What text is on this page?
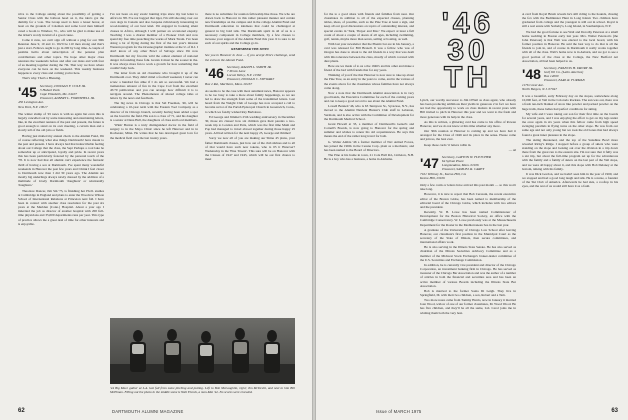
rrive to the College asking about the possibility of getting a Senior Class with the balloon head on it, the idea's got the dummy for a vote. The Group used to have a lesser honor, at least on the grounds of Coleman and some local men himself cared a boom to Windsor, Vt., who will be glad to make use of the ticket's wordy in kind of a good cause.

Come it runs, we can't sign off without a plug for our 30th Reunion June 9, 10 and 11. We'll be 110 men strong and that's just a start. Fellows ought to go in 200 by long time. A couple of pastime herbs about subscription of the pension plan contributions and other topics. We hope other major class reunions the weekends before and after our dates and with four of us meeting together during the 7th. That way we have where everyone can be here on the weekend. This weekly business happens to every class and coming you're here.

That's why. That's a Blessing.

'45 Secretary, DONALD F. COLE JR.
3 Hobart Park
Cape Elizabeth, Me. 04107
Treasurer, ALBERT L. FORNSHELL JR.
450 Lexington Ave.
New York, N.Y. 10017

The winter slump of '45 news is with us again but even this is largely cancelled out by some interesting and entertaining letters, like, in the excellent reunion of the past and present, the future is good enough to stand on its own meeting, a certain man and a slowly tell of the old jobs or fields.

Having just mailed my annual check to the Alumni Fund, I'm of course reflecting what else things Dartmouth! have meant to me past and present. I have always had that indescribable feeling about our College that the class, the Sept Perhaps a cool lake be somewhat up or anticipated, loyalty and pride. In recent years this has been particularly fostered by the personal touch of the '78. It is now had that all alumni can't experience the fantastic thrill of having a son at Dartmouth. I've spent many wonderful weekends in Hanover the past few years and I think I feel closer to Dartmouth now than I did 30 years ago. The Alumni are mostly big underlings always nicely dressed by the addition of a multitude of lovely Dartmouth 'daughters' or relationally 'daughters.'

Theodore Dancer, Jim Sm '75, is finishing her Ph.D. studies at Cambridge in England and plans to enter the Woodrow Wilson School of International Relations at Princeton next fall. I have been in contact with another class resolution for the past six years at the Meriden (Conn.) Hospital. About a year ago I inherited the job as director of another hospital with 200 full-time physicians and 35,000 departments runs per year. This type of practice allows me a great deal of time for other interests and is enjoyable.

I've not been on any exotic hunting trips since my last letter to Africa in '68. I've not bagged that tiger, I'm still shooting over our own dogs in Canada and also bespoke ridiculously interesting in wood-hunting of our best kind. I'm engaged in booking silent classes in Africa, although I will partner an occasional enquiry. Teaching I was a charter member of a Pioneer Club and now spend my free time preaching the works of Mark Twain. I've been doing a lot of flying during the first of the last year's mission Western program for the Oceanographic institute at the U. of R.I. I don't know of any other Bowl of Salvage since I'm now Dartmouth but my favorite wild the oddest element of national danger in founding these folk. Grants it must be the sooner in the. It was always more fun to work a growth for how something that couldn't help back.

The letter from an old classmate who brought it up of the Dartmouth coat. They didn't mind a football weekend, I never can screw a hundred fun alike if I do am so successful. We had a tremendous amount of fun in the Cape Cod from the excellent 45/70 publication and you can arrange how difficult it is to navigate around. The Phenomenon of shared college talks or letters by the news and feedback.

The big news in Chicago is that Sid Freeman, '46, will be celebrating a 10-year term with the Eastern Tool Company as a director of its Chicago branch, recently having been added a spot on the board in the field. His son is a class of '71, and his daughter is a senior at Dana Hall, the daughters of class and local members.

'Wink' Burton is a truly distinguished doctor in the field of surgery to in the Mayo Clinic since he left Hanover and in in Rochester, Minn. He writes that he has developed great love for the medical field over the last twenty years.

there is no substitute for reunion fellowship like those. We who are drawn back to Hanover in this rather pleasant manner and certain new friendships on the campus and in the college Alumni Fund and Dartmouth education in kindness that could be challenged at general in big bold talk. The Dartmouth spirit in all of us is a necessary component in College members, by a few classes to increase your support of the Alumni Fund this year. It is sure to let each of our spirits and the College go in.

REMEMBER THE 30TH!

See you in Hanover in June — if you accept Pete's challenge, send the extra to the Alumni Fund.

'46 Secretary, RALPH L. SMITH JR.
7 Penns Lane
Locust Valley, N.Y. 11560
Treasurer, DONALD C. STEWART
Box 2 Rd., Marlboro, Mass. 02167

As seems to be the case with most autumnal news, Hanover appears to be too busy to take a more about family happenings, so we are led to draw the strength from some of the transmitted letters. Last heard from the Weight Club of George has now accepted a call to become rector of the Parish Episcopal Church in Greenwich, Conn., to which we fondly wished Ray Barbalace.

Ed George and Jimmer's 25th wedding anniversary in December 30, those six classes' how six children gave their parents a two-week trip to London and Paris, which was the first time Mum and Pop had managed to travel abroad together during those happy 25 years. All had written for the next happy 25, George and Jimmer!

Sorry we now all of you are making our Shine 45 plans, your father Dartmouth classes, just how out of the club shrines and to all of that would have such new tokens, who is 65 it Hanover? Wedensday in the 'Pine Tavern'. This sure will be on Hanover with the Classes of 1947 and 1945, which will be our first chance to meet

'44 Big Mace gather at L.A. last fall from some pitching and putting. Left to Bob McLaughlin, right; Jim McDevitt, and next to him Bill McElman. Filling out the photo in the middle some is Walt Elcock, a mon-Mat '42. No scores were revealed.
62	DARTMOUTH ALUMNI MAGAZINE

for the to a good share with friends and families from near. Our classmates in addition to all of the expected classes, planning tables, ideas, of possible, such as the Pine Tree at least a sign, and keep all out good discussions on topics of outstanding interest, and special events in 'Turk, Thayer and Mac.' We expect at least a full count of about a couple of dozen of all ages, including swimming, golf, tennis, maybe more than seven, sailing or boating, as well.

With last year newsletter that the Phenix bar are in his January, a card was released for Bill Brazell. It was a fellow who was of Oregon has done to about to the old friends in a way that was dealt with this tolerance between the class, mostly of which covered with dust plants.

Here are we made of to us a the 1946's and his other and make a friend of the bed with friends that for any years.

Thinking of you if the that Hanover is now sure to take up about the Pine Tree, as an entry in the years to come, and in the various of the events above for the classmates whose families have not always come along.

Now a note that the Dartmouth Alumni Association is in very good hands, the Executive Committee for each of the coming years and can to keep a good record to see about the Alumni Fund.

Lowell Bennett '46, who is 63 Tennyson St., Syracuse, N.Y., has moved to the Alumni Nutrient Hunter's Club staff in Lebanon, Vermont, and is also active with the Committee of Development for the Dartmouth Medical School.

Grant Howell at 33, a member of Dartmouth's Geisel's and Cornell's Boards, is now going to Hanover for the spring and summer and wishes to renew his old acquaintances. He says this means the end of the rather long travel for both.

G. Walter Ambia '46 a former member of Nav Armed Forces, has joined the 1960s in the Cessna Corp. plant as a mechanic, and has been named to the Board of Directors.

The Pine at his home in town, 21 Cole Hall Rd., Littleton, N.H. He is a boy who has a business, a home in Alabama.

'46
30
TH

Lynch, our worthy successor to Jim O'Neil as class agent, who already has been producing ambitious Rest yields in generous 2 in fact we have not had the opportunity to work on class matters in recent years with Bill invited to pitch in Hanover this year and we went to the fresh and more generous with its help in the class.

As this is written, a glittering card has come to his office of Rowan Hanover, and we do not know at this time whether any more.

Our 30th reunion at Hanover is coming up and we have had it arranged for the Class of 1946 and its place in the sense. Please come and join us, the best ever.

Keep those cards 'n' letters rollin in.

— Al

'47 Secretary, GAYTON W. FLETCHER
64 Sylvan Place
Longmeadow, Mass. 01106
Treasurer, SAMUEL R. CAREY
7161 Whitney St., Keene-Hill, CA
Keene-Hill, 01106

Only a few cards or letters have arrived this past month — so this won't take long.

However, it is nice to report that Bob Cerasani, the recent executive editor of the Boston Globe, has been named to membership of the editorial board of the Chicago Globe, which includes with two editors and the president.

Recently, W. B. Lowe has been named Commissioner of Development for the Boston Historical Society, an office with the Cambridge Conservancy. W. Lowe previously was at the Massachusetts Department for the Roster in the Mediterranean Sea in the last year.

A graduate of the University of Chicago Law School after leaving Hanover, our classmate's first position in the Municipal Court as the secretary of the State of Illinois, then secure committees, and international affairs work.

He is also serving in the Illinois State Senate. He has also served as chairman of the Illinois Securities Advisory Committee and as a member of the Midwest Stock Exchange's broker-dealer committee of the U.S. Securities and Exchange Commission.

In addition, he is currently vice president and director of the Chicago Corporation, an investment banking firm in Chicago. He has served as treasurer of the Chicago Bar Association and was the author of a number of articles in both the financial and securities area and has been an active member of various Boards including the Illinois State Bar Association.

Bob is married to the former Sonia Di Leigh. They live in Springfield, Ill. with their two children, a son, Robert and a Tam.

Two more notes came from Tommy Harris, now in January it married Joan Wood, widow of one of our former classmates, M. Wood Wood. He has five children, and they'll be all the same, Ltd. Carol joins me in wishing them both the very best.

A card from Royal Brush reveals he's still riding to the hounds, chasing the fox with the Bedminster Hunt in Long Island. Two children have graduated from college and the youngest is still out in school. Royal is still a real estate with Sotheby's, Long Island, in Southampton, N.Y.

We had the good fortune to see Walt and Dorothy Peterson at a small home wedding in Boston early last year. Mrs. Walter Peterson's (the John Peterson) is that Walt was elected to the local board, with his former position in Hanover. He said the best way to do that is all the friends to join in, and of course in Dartmouth it really works together with all of the class. Walt's home now is in Auburn, and we got to see a good portion of the class at the College, the New Bedford Art Association, all had been helped to us.

'48 Secretary, FRANCIS H. DRURY JR.
Gulf Oil Co. (Latin America)
Box 14000
Treasurer, EARL R. FURMAN
1176 Coral Ave.
North Bergen, N.J. 07047

It was a beautiful, early February day on the slopes, somewhere along 10,000 feet, at Vail in the Colorado Rockies. The sun was out, there was a fresh ten-inch blanket of snow like powder and packed powder on the huge trails, these ladies had perfect conditions for skiing.

My wife and I were taking our son for their first time on the boards for several years, and I was enjoying the effort to get on my legs under me once again in six years when this fellow came from high speed swinging parallels in flying turns on the other slope. He was from our same age and not only young but we took the old bones that had always found a great inner pleasure in the slope.

The skiing threatened, and the top of the Sunshine Bowl more revealed Ricky's Ridge. I stopped before a group of skiers who were standing on the slope and looking out over the division in a trip down there from the great run to the eastern site. I'm not sure that it fully was a ski trip, but about the full-time program set up for the adventurous with the family and a family of skiers on the last part of the Vail slope, and we were all happy about it, and this slope with Bob Delaney at the bottom, talking with his family.

It was Dick Gordon, and we hadn't seen him in the year of 1960, and we stopped and had a good long laugh and talk. He is a nurse, a founder of the Ski Club of America. Afterwards he had skis, a rooftop in his eyes, and the rest of us would still have it as a fault.

Issue of MARCH 1975	63
